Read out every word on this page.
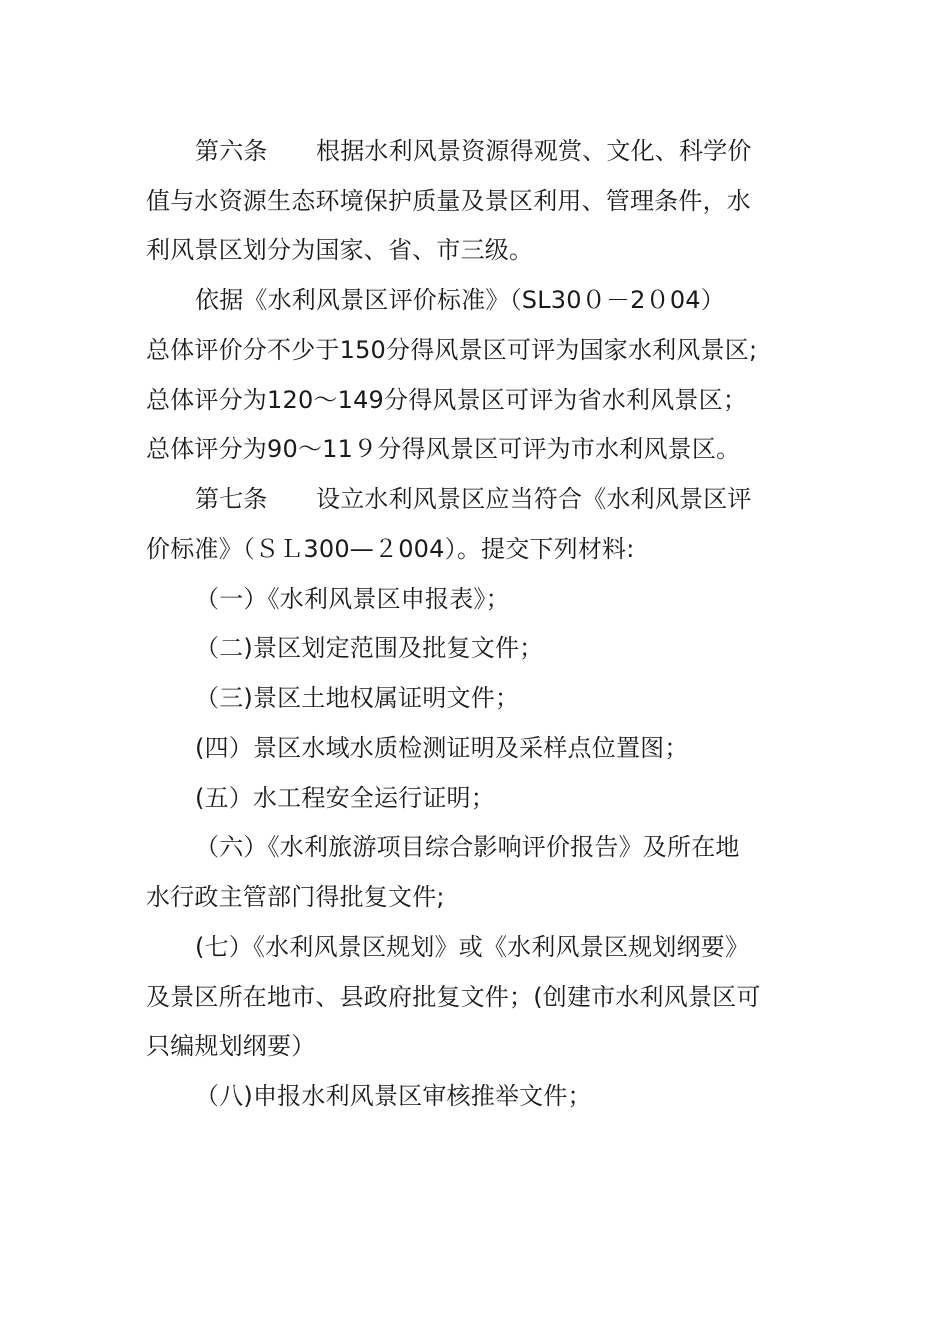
第六条　　根据水利风景资源得观赏、文化、科学价
值与水资源生态环境保护质量及景区利用、管理条件，水
利风景区划分为国家、省、市三级。
依据《水利风景区评价标准》（SL30０－2０04）
总体评价分不少于150分得风景区可评为国家水利风景区;
总体评分为120～149分得风景区可评为省水利风景区；
总体评分为90～11９分得风景区可评为市水利风景区。
第七条　　设立水利风景区应当符合《水利风景区评
价标准》（ＳＬ300—２004）。提交下列材料:
（一）《水利风景区申报表》；
（二)景区划定范围及批复文件；
（三)景区土地权属证明文件；
(四）景区水域水质检测证明及采样点位置图；
(五）水工程安全运行证明；
（六）《水利旅游项目综合影响评价报告》及所在地
水行政主管部门得批复文件;
(七）《水利风景区规划》或《水利风景区规划纲要》
及景区所在地市、县政府批复文件；(创建市水利风景区可
只编规划纲要）
（八)申报水利风景区审核推举文件；
